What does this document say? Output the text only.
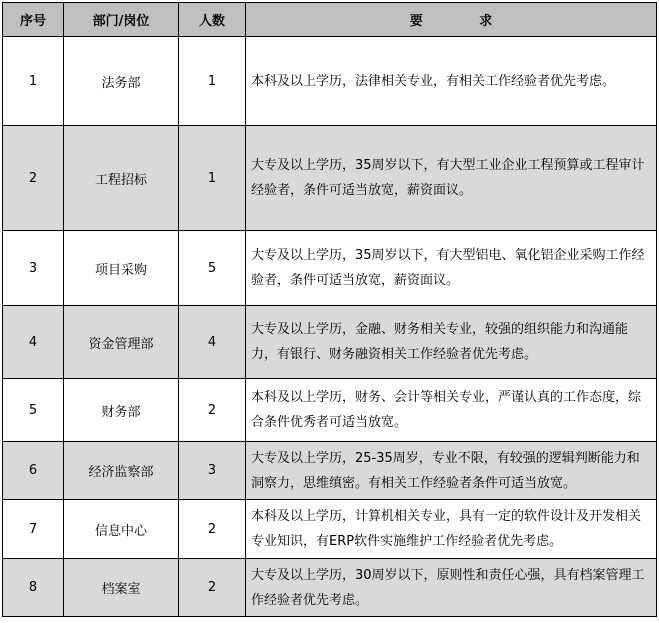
序号	部门/岗位	人数	要 求
1	法务部	1	本科及以上学历，法律相关专业，有相关工作经验者优先考虑。
2	工程招标	1	大专及以上学历，35周岁以下，有大型工业企业工程预算或工程审计经验者，条件可适当放宽，薪资面议。
3	项目采购	5	大专及以上学历，35周岁以下，有大型铝电、氧化铝企业采购工作经验者，条件可适当放宽，薪资面议。
4	资金管理部	4	大专及以上学历，金融、财务相关专业，较强的组织能力和沟通能力，有银行、财务融资相关工作经验者优先考虑。
5	财务部	2	本科及以上学历，财务、会计等相关专业，严谨认真的工作态度，综合条件优秀者可适当放宽。
6	经济监察部	3	大专及以上学历，25-35周岁，专业不限，有较强的逻辑判断能力和洞察力，思维缜密。有相关工作经验者条件可适当放宽。
7	信息中心	2	本科及以上学历，计算机相关专业，具有一定的软件设计及开发相关专业知识，有ERP软件实施维护工作经验者优先考虑。
8	档案室	2	大专及以上学历，30周岁以下，原则性和责任心强，具有档案管理工作经验者优先考虑。
